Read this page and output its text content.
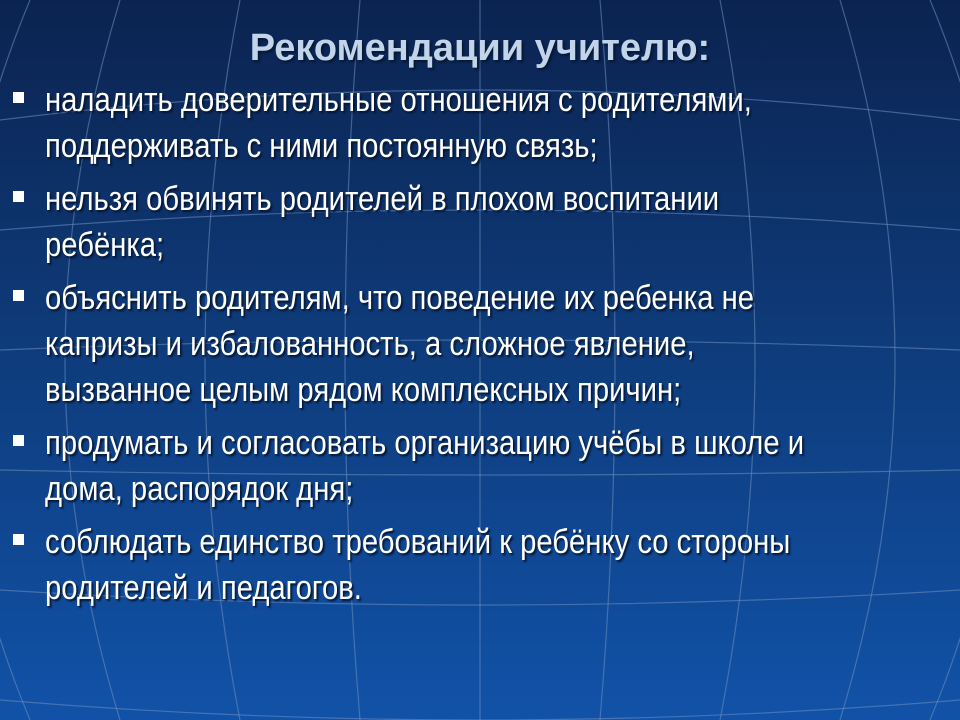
Рекомендации учителю:
наладить доверительные отношения с родителями,
поддерживать с ними постоянную связь;
нельзя обвинять родителей в плохом воспитании
ребёнка;
объяснить родителям, что поведение их ребенка не
капризы и избалованность, а сложное явление,
вызванное целым рядом комплексных причин;
продумать и согласовать организацию учёбы в школе и
дома, распорядок дня;
соблюдать единство требований к ребёнку со стороны
родителей и педагогов.
